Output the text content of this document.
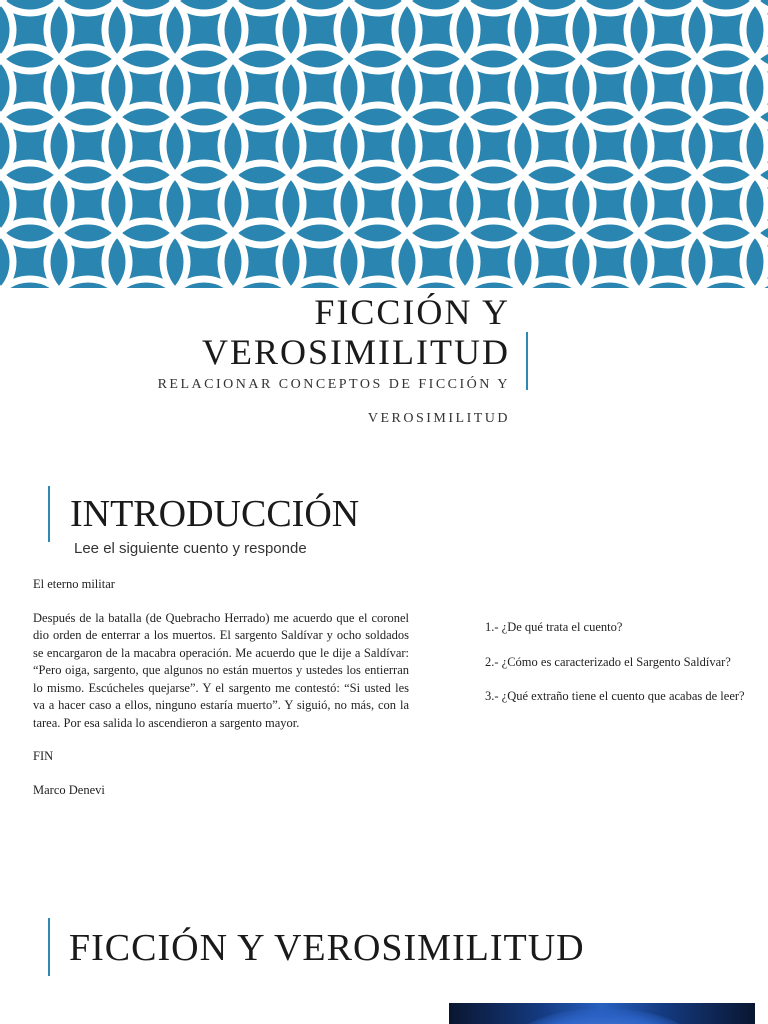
FICCIÓN Y
VEROSIMILITUD
RELACIONAR CONCEPTOS DE FICCIÓN Y VEROSIMILITUD
INTRODUCCIÓN
Lee el siguiente cuento y responde

El eterno militar

Después de la batalla (de Quebracho Herrado) me acuerdo que el coronel dio orden de enterrar a los muertos. El sargento Saldívar y ocho soldados se encargaron de la macabra operación. Me acuerdo que le dije a Saldívar: “Pero oiga, sargento, que algunos no están muertos y ustedes los entierran lo mismo. Escúcheles quejarse”. Y el sargento me contestó: “Si usted les va a hacer caso a ellos, ninguno estaría muerto”. Y siguió, no más, con la tarea. Por esa salida lo ascendieron a sargento mayor.

FIN

Marco Denevi

1.- ¿De qué trata el cuento?

2.- ¿Cómo es caracterizado el Sargento Saldívar?

3.- ¿Qué extraño tiene el cuento que acabas de leer?

FICCIÓN Y VEROSIMILITUD
